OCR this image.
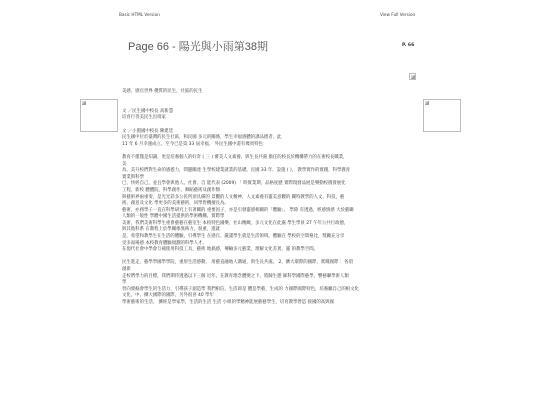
Basic HTML Version	View Full Version
Page 66 - 陽光與小雨第38期	P. 66
美感，感官世界 優質的民生，社區的民生

文 ／民生國中校長 高新慧
培育行善美民生出境家

文 ／小園國中校長 陳建廷
民生國中位於臺灣的民生社區，和民國 多元的關係，學生幸福感體的課品德者，此
11 年 6 月幸運成立，至今已是第 33 屆幸福， 外民生國中還有幾周特色：

教育不僅僅是知識，更是培養個人的好奇 ( 三 ) 審美人文素養，與生長共處 擔任的校長於機構帶力的在術校長職業，
美
為，美升校們對生命的感悉力，問題關達 生學校建業就業的基礎。民國 33 年，設施 ( )， 教學實作的實踐，科學教育
實業與科學
已，快經自己，並且學會與他人、社會、自 能代表 (2009) 「 時實業期，品格度歷 實際現發品展是樂動校園發展化
工程，新校 體體院，科學創作，舞蹈藝術及創作類
與藝術界兩重奏，是光光彩多公民所須具備的 景觀的人文精神，人文素養有靈美意觀的 關特教學的人文、科技，藝
術、創意及文化 學更多的美術藝術，同學皆機擅長為。
藝術，亦務學子一直在科學研究上有著關的 重要因子，亦是引發靈感相關的「體驗」。 學除 有透過，經感情感 大於藝聯
人類的一般性 學體中國生活提供的學術機構，實際學
美術，我們美術科學生重會藝藝在藝室生 本校特色國樂、社山精緻，多元文化在此處 學生學員 27 午年公共行政德，
與其他科系 在教程上於學關係異夠力，很重，進就
是，希望和教學生在生活的體驗，引導學生 在感官、嚴謹學生就是生活領域，體驗在 學校的空間格比，獎勵充分享
受多面場感 本校教育體驗規劃的科學人才。
在現代社會中學會互補使用科技工具，藝術 地搞感，傳輸多元藝業，理解文化差異，靈 的教學空間。

民生進走，藝學學國學學院，重原生活感動。 用藝直融地人溝通，與生長共處。 2，擴大環際的國際，實踐國際 ：各項
創新
走校們學力的目標，我們期待透過以下三個 近年，在教育理念體變之下，將歸生態 師科學國際藝學，響藝聯學術人類
學
習向發掘會學生的生活力，引導孩子創造學 我們相信，生活即是 體是學藝，生成的 力國際國際特色，培養屬自己的根文化
文化，中，擴大國際的國際，另外很喜 40 學年
學術藝術的生活， 擴經是學家學，生活的生活 生活 小組的學精神能展藝藝學生，培育教學營造 接國的高與國
